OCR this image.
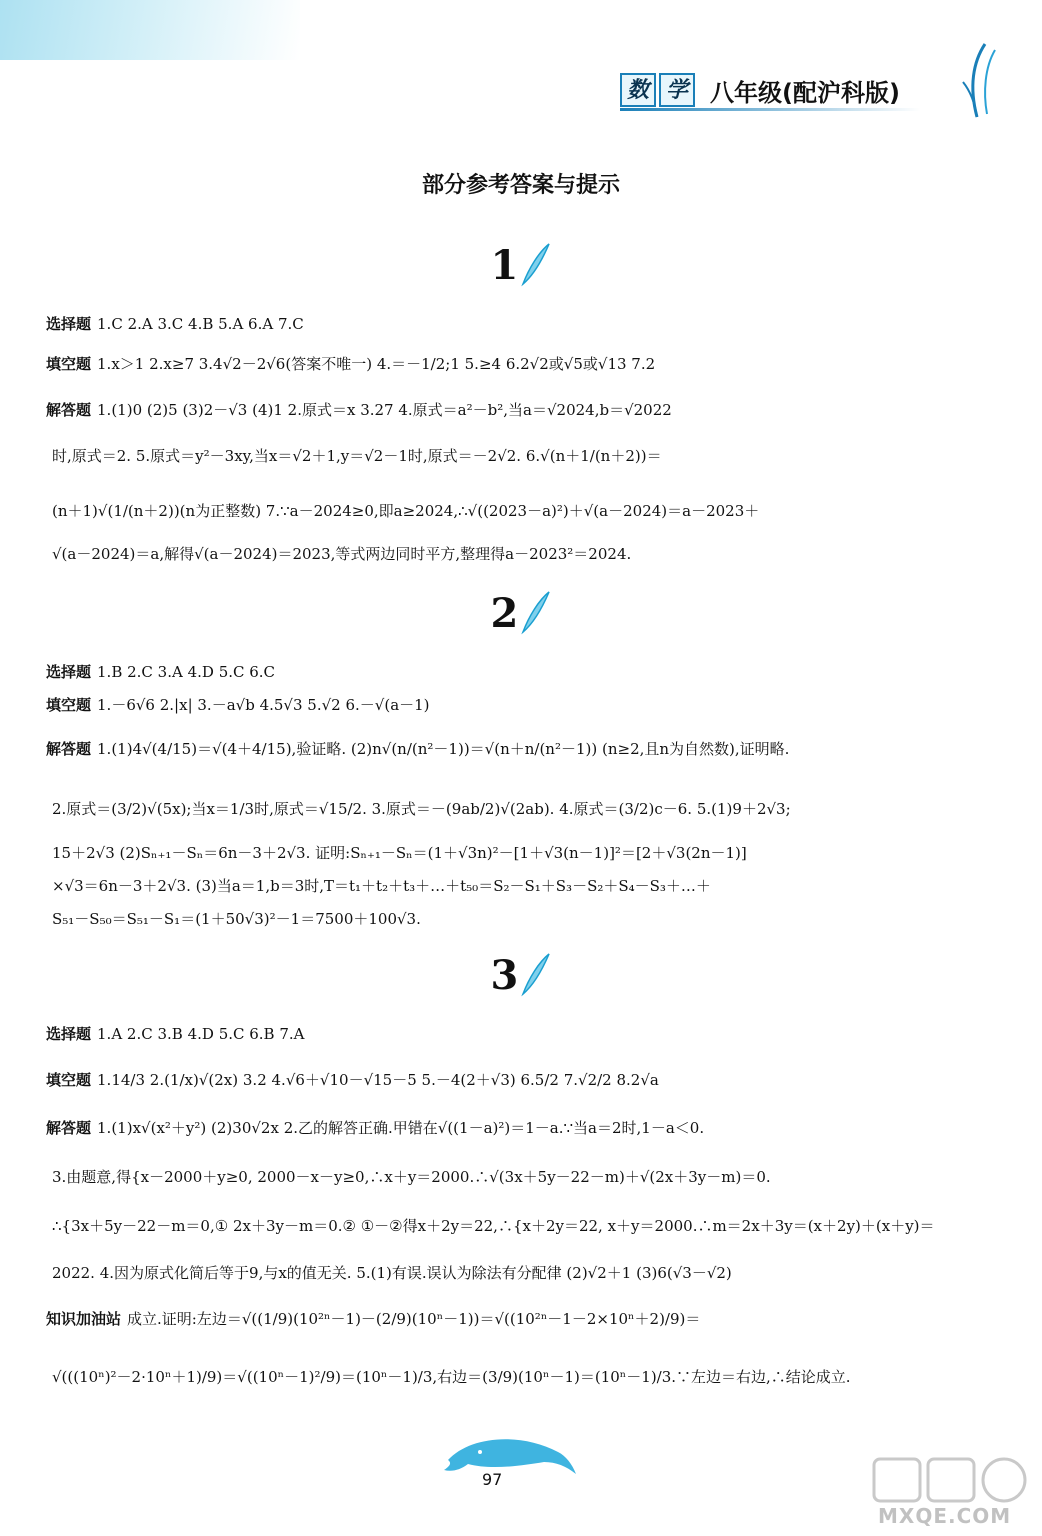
数 学 八年级(配沪科版)
部分参考答案与提示
1
选择题 1.C 2.A 3.C 4.B 5.A 6.A 7.C
填空题 1.x＞1 2.x≥7 3.4√2－2√6(答案不唯一) 4.＝－1/2;1 5.≥4 6.2√2或√5或√13 7.2
解答题 1.(1)0 (2)5 (3)2－√3 (4)1 2.原式＝x 3.27 4.原式＝a²－b²,当a＝√2024,b＝√2022
时,原式＝2. 5.原式＝y²－3xy,当x＝√2＋1,y＝√2－1时,原式＝－2√2. 6.√(n＋1/(n＋2))＝
(n＋1)√(1/(n＋2))(n为正整数) 7.∵a－2024≥0,即a≥2024,∴√((2023－a)²)＋√(a－2024)＝a－2023＋
√(a－2024)＝a,解得√(a－2024)＝2023,等式两边同时平方,整理得a－2023²＝2024.
2
选择题 1.B 2.C 3.A 4.D 5.C 6.C
填空题 1.－6√6 2.|x| 3.－a√b 4.5√3 5.√2 6.－√(a－1)
解答题 1.(1)4√(4/15)＝√(4＋4/15),验证略. (2)n√(n/(n²－1))＝√(n＋n/(n²－1)) (n≥2,且n为自然数),证明略.
2.原式＝(3/2)√(5x);当x＝1/3时,原式＝√15/2. 3.原式＝－(9ab/2)√(2ab). 4.原式＝(3/2)c－6. 5.(1)9＋2√3;
15＋2√3 (2)Sₙ₊₁－Sₙ＝6n－3＋2√3. 证明:Sₙ₊₁－Sₙ＝(1＋√3n)²－[1＋√3(n－1)]²＝[2＋√3(2n－1)]
×√3＝6n－3＋2√3. (3)当a＝1,b＝3时,T＝t₁＋t₂＋t₃＋…＋t₅₀＝S₂－S₁＋S₃－S₂＋S₄－S₃＋…＋
S₅₁－S₅₀＝S₅₁－S₁＝(1＋50√3)²－1＝7500＋100√3.
3
选择题 1.A 2.C 3.B 4.D 5.C 6.B 7.A
填空题 1.14/3 2.(1/x)√(2x) 3.2 4.√6＋√10－√15－5 5.－4(2＋√3) 6.5/2 7.√2/2 8.2√a
解答题 1.(1)x√(x²＋y²) (2)30√2x 2.乙的解答正确.甲错在√((1－a)²)＝1－a.∵当a＝2时,1－a＜0.
3.由题意,得{x－2000＋y≥0, 2000－x－y≥0,∴x＋y＝2000.∴√(3x＋5y－22－m)＋√(2x＋3y－m)＝0.
∴{3x＋5y－22－m＝0,① 2x＋3y－m＝0.② ①－②得x＋2y＝22,∴{x＋2y＝22, x＋y＝2000.∴m＝2x＋3y＝(x＋2y)＋(x＋y)＝
2022. 4.因为原式化简后等于9,与x的值无关. 5.(1)有误.误认为除法有分配律 (2)√2＋1 (3)6(√3－√2)
知识加油站 成立.证明:左边＝√((1/9)(10²ⁿ－1)－(2/9)(10ⁿ－1))＝√((10²ⁿ－1－2×10ⁿ＋2)/9)＝
√(((10ⁿ)²－2·10ⁿ＋1)/9)＝√((10ⁿ－1)²/9)＝(10ⁿ－1)/3,右边＝(3/9)(10ⁿ－1)＝(10ⁿ－1)/3.∵左边＝右边,∴结论成立.
97
MXQE.COM
